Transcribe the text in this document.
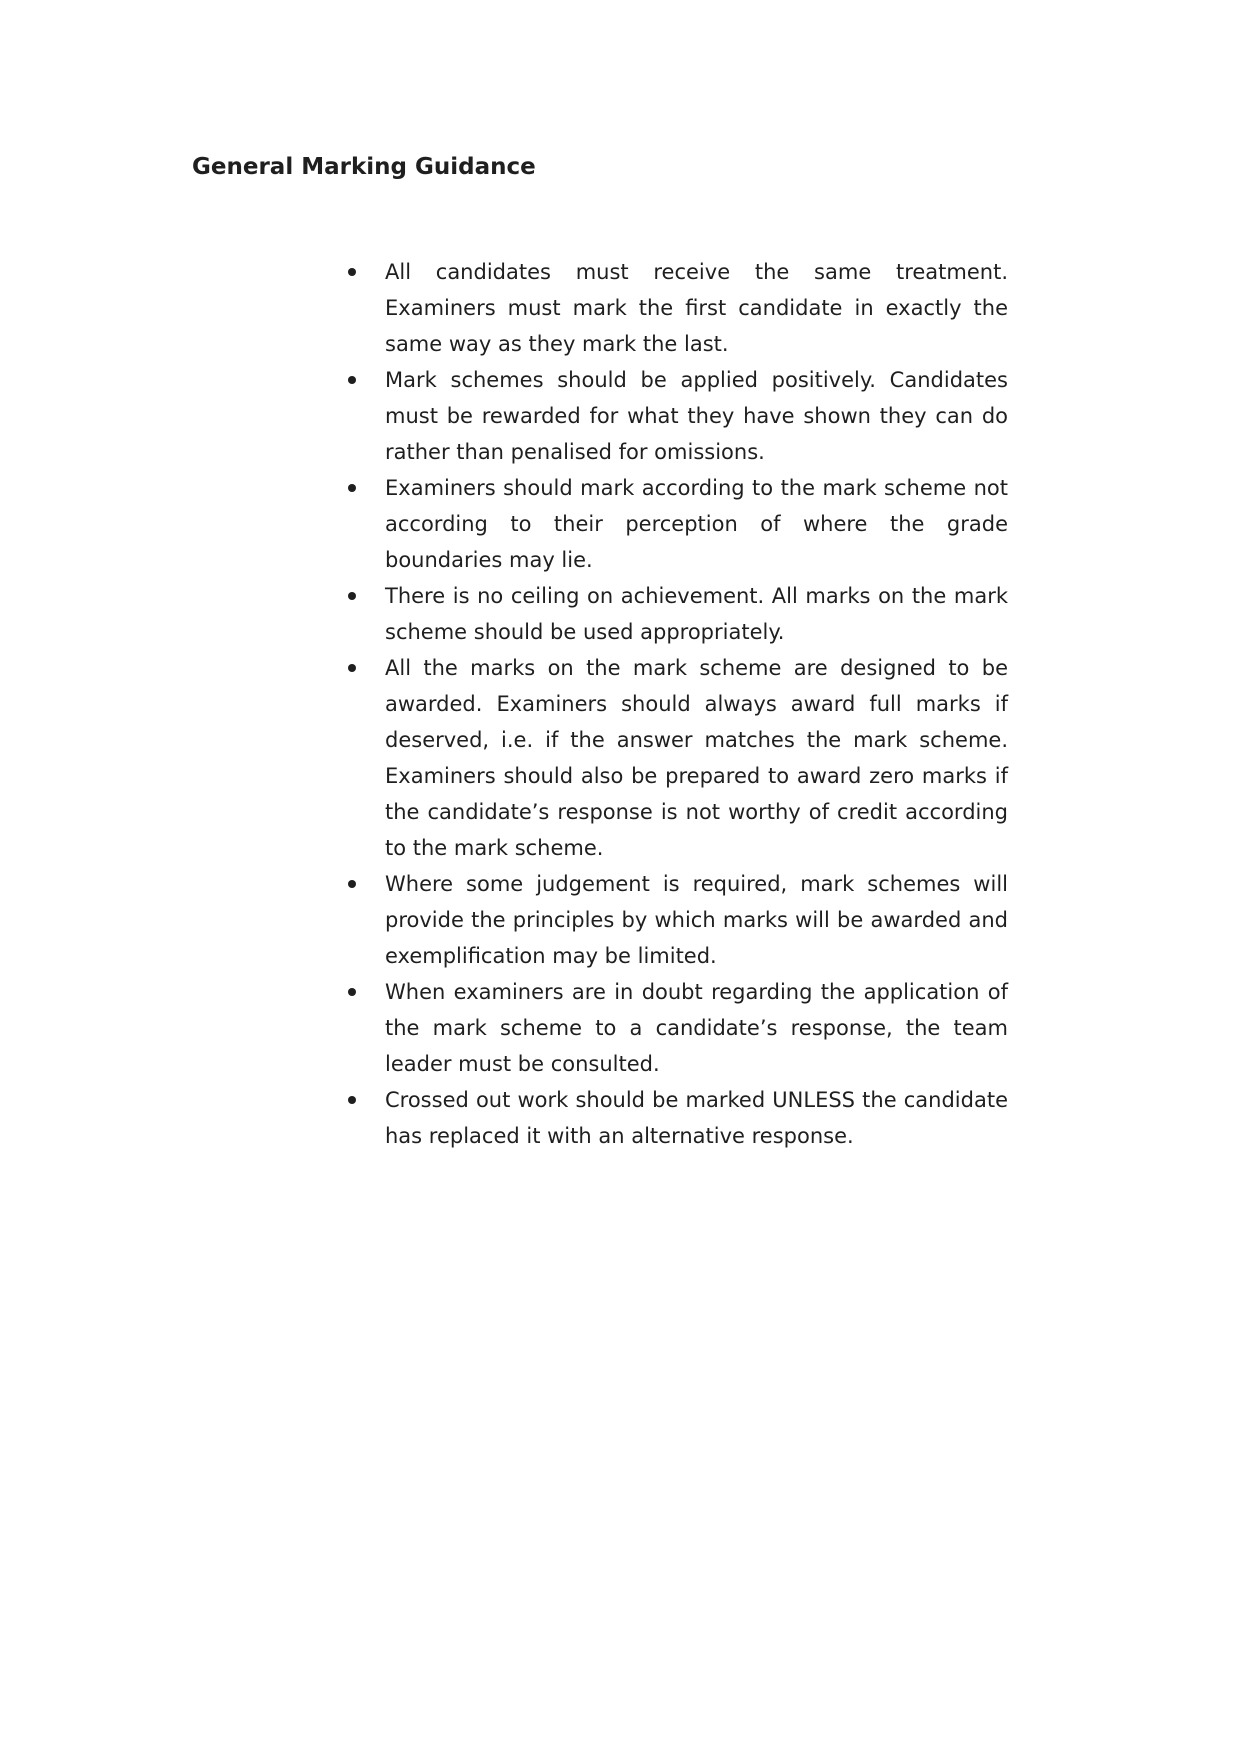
General Marking Guidance
All candidates must receive the same treatment. Examiners must mark the first candidate in exactly the same way as they mark the last.
Mark schemes should be applied positively. Candidates must be rewarded for what they have shown they can do rather than penalised for omissions.
Examiners should mark according to the mark scheme not according to their perception of where the grade boundaries may lie.
There is no ceiling on achievement. All marks on the mark scheme should be used appropriately.
All the marks on the mark scheme are designed to be awarded. Examiners should always award full marks if deserved, i.e. if the answer matches the mark scheme. Examiners should also be prepared to award zero marks if the candidate’s response is not worthy of credit according to the mark scheme.
Where some judgement is required, mark schemes will provide the principles by which marks will be awarded and exemplification may be limited.
When examiners are in doubt regarding the application of the mark scheme to a candidate’s response, the team leader must be consulted.
Crossed out work should be marked UNLESS the candidate has replaced it with an alternative response.
